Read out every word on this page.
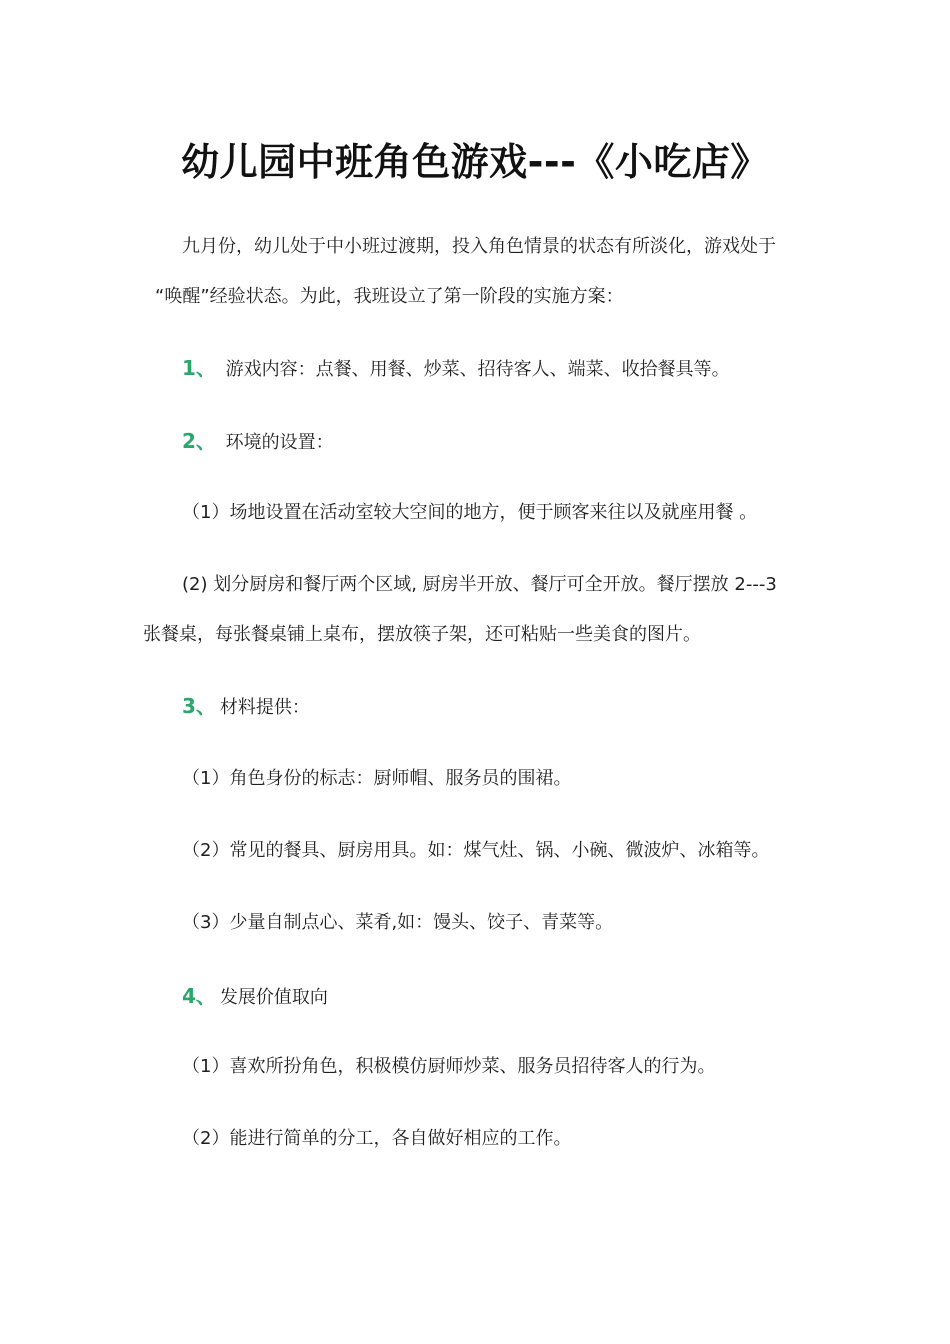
幼儿园中班角色游戏---《小吃店》
九月份，幼儿处于中小班过渡期，投入角色情景的状态有所淡化，游戏处于
“唤醒”经验状态。为此，我班设立了第一阶段的实施方案：
1、 游戏内容：点餐、用餐、炒菜、招待客人、端菜、收拾餐具等。
2、 环境的设置：
（1）场地设置在活动室较大空间的地方，便于顾客来往以及就座用餐 。
(2) 划分厨房和餐厅两个区域, 厨房半开放、餐厅可全开放。餐厅摆放 2---3
张餐桌，每张餐桌铺上桌布，摆放筷子架，还可粘贴一些美食的图片。
3、 材料提供：
（1）角色身份的标志：厨师帽、服务员的围裙。
（2）常见的餐具、厨房用具。如：煤气灶、锅、小碗、微波炉、冰箱等。
（3）少量自制点心、菜肴,如：馒头、饺子、青菜等。
4、 发展价值取向
（1）喜欢所扮角色，积极模仿厨师炒菜、服务员招待客人的行为。
（2）能进行简单的分工，各自做好相应的工作。
